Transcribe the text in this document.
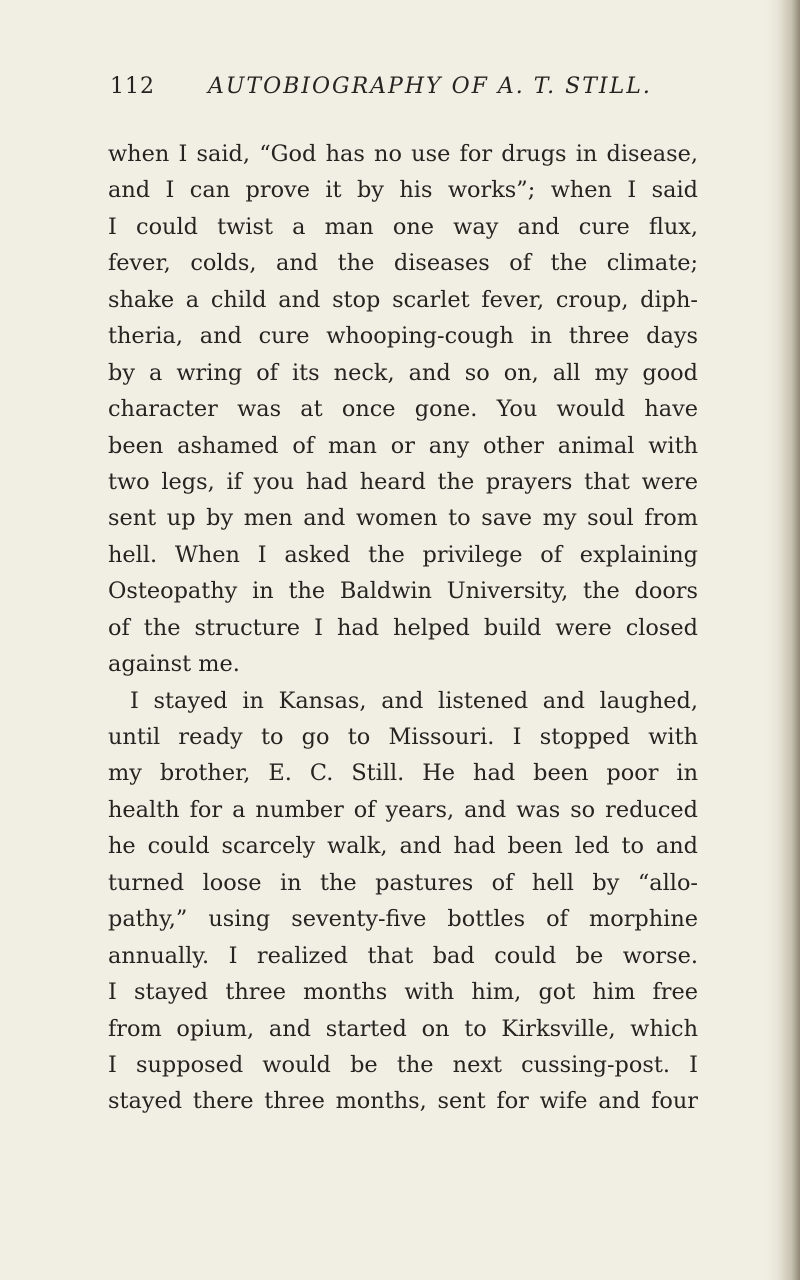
112 AUTOBIOGRAPHY OF A. T. STILL.
when I said, “God has no use for drugs in disease,
and I can prove it by his works”; when I said
I could twist a man one way and cure flux,
fever, colds, and the diseases of the climate;
shake a child and stop scarlet fever, croup, diph-
theria, and cure whooping-cough in three days
by a wring of its neck, and so on, all my good
character was at once gone. You would have
been ashamed of man or any other animal with
two legs, if you had heard the prayers that were
sent up by men and women to save my soul from
hell. When I asked the privilege of explaining
Osteopathy in the Baldwin University, the doors
of the structure I had helped build were closed
against me.
I stayed in Kansas, and listened and laughed,
until ready to go to Missouri. I stopped with
my brother, E. C. Still. He had been poor in
health for a number of years, and was so reduced
he could scarcely walk, and had been led to and
turned loose in the pastures of hell by “allo-
pathy,” using seventy-five bottles of morphine
annually. I realized that bad could be worse.
I stayed three months with him, got him free
from opium, and started on to Kirksville, which
I supposed would be the next cussing-post. I
stayed there three months, sent for wife and four
